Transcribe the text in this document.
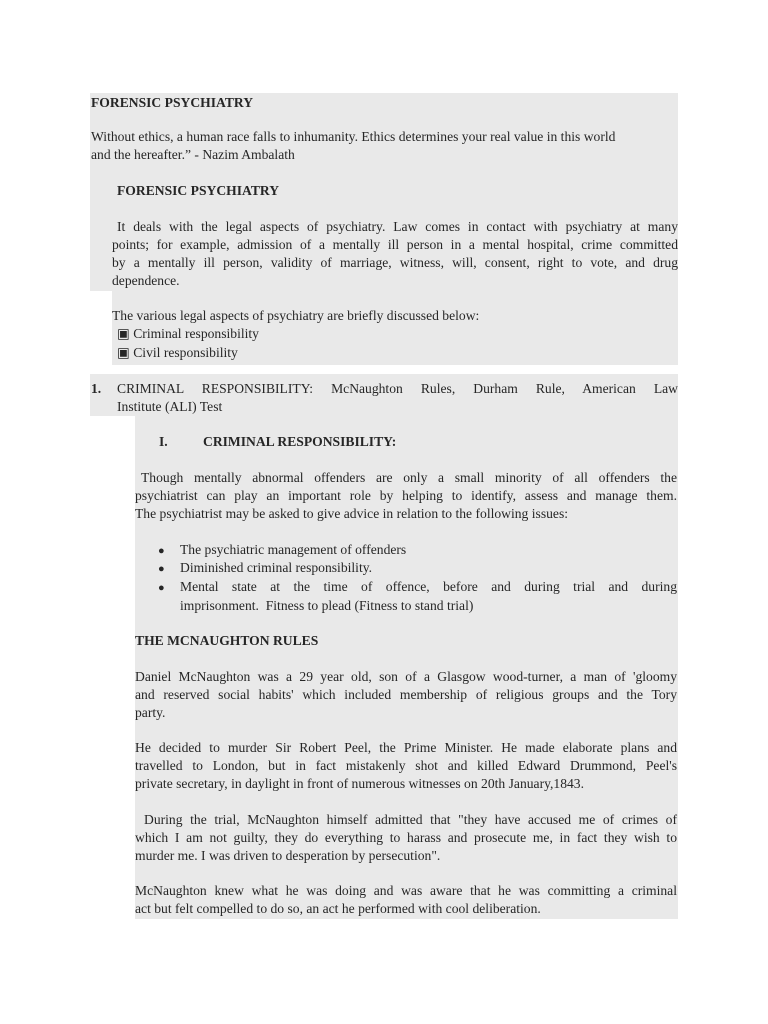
FORENSIC PSYCHIATRY

Without ethics, a human race falls to inhumanity. Ethics determines your real value in this world

and the hereafter.” - Nazim Ambalath

FORENSIC PSYCHIATRY

It deals with the legal aspects of psychiatry. Law comes in contact with psychiatry at many

points; for example, admission of a mentally ill person in a mental hospital, crime committed

by a mentally ill person, validity of marriage, witness, will, consent, right to vote, and drug

dependence.

The various legal aspects of psychiatry are briefly discussed below:

▣ Criminal responsibility

▣ Civil responsibility

1. CRIMINAL RESPONSIBILITY: McNaughton Rules, Durham Rule, American Law

Institute (ALI) Test

I.	CRIMINAL RESPONSIBILITY:

Though mentally abnormal offenders are only a small minority of all offenders the

psychiatrist can play an important role by helping to identify, assess and manage them.

The psychiatrist may be asked to give advice in relation to the following issues:

● The psychiatric management of offenders

● Diminished criminal responsibility.

● Mental state at the time of offence, before and during trial and during

imprisonment.  Fitness to plead (Fitness to stand trial)

THE MCNAUGHTON RULES

Daniel McNaughton was a 29 year old, son of a Glasgow wood-turner, a man of 'gloomy

and reserved social habits' which included membership of religious groups and the Tory

party.

He decided to murder Sir Robert Peel, the Prime Minister. He made elaborate plans and

travelled to London, but in fact mistakenly shot and killed Edward Drummond, Peel's

private secretary, in daylight in front of numerous witnesses on 20th January,1843.

During the trial, McNaughton himself admitted that "they have accused me of crimes of

which I am not guilty, they do everything to harass and prosecute me, in fact they wish to

murder me. I was driven to desperation by persecution".

McNaughton knew what he was doing and was aware that he was committing a criminal

act but felt compelled to do so, an act he performed with cool deliberation.
